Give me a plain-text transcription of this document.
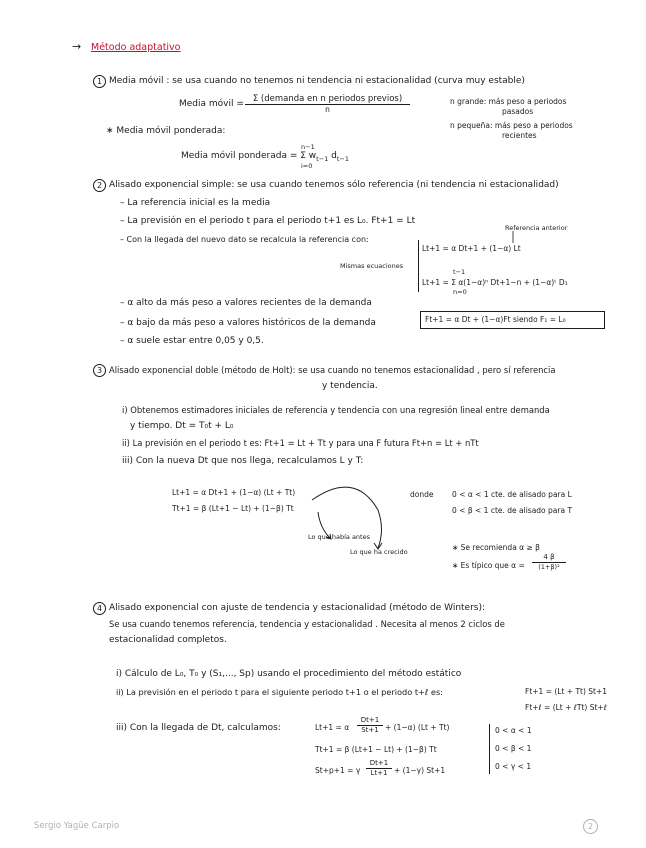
→ Método adaptativo
1 Media móvil : se usa cuando no tenemos ni tendencia ni estacionalidad (curva muy estable)
Media móvil =	Σ (demanda en n periodos previos)
n
n grande: más peso a periodos
pasados
n pequeña: más peso a periodos
recientes
∗ Media móvil ponderada:
n−1
Media móvil ponderada = Σ $w_{t-1}$ $d_{t-1}$
i=0
2 Alisado exponencial simple: se usa cuando tenemos sólo referencia (ni tendencia ni estacionalidad)
– La referencia inicial es la media
– La previsión en el periodo t para el periodo t+1 es L₀. Ft+1 = Lt
– Con la llegada del nuevo dato se recalcula la referencia con:
Referencia anterior
Lt+1 = α Dt+1 + (1−α) Lt
Mismas ecuaciones
t−1
Lt+1 = Σ α(1−α)ⁿ Dt+1−n + (1−α)ᵗ D₁
n=0
– α alto da más peso a valores recientes de la demanda
– α bajo da más peso a valores históricos de la demanda
– α suele estar entre 0,05 y 0,5.
Ft+1 = α Dt + (1−α)Ft siendo F₁ = L₀
3 Alisado exponencial doble (método de Holt): se usa cuando no tenemos estacionalidad , pero sí referencia
y tendencia.
i) Obtenemos estimadores iniciales de referencia y tendencia con una regresión lineal entre demanda
y tiempo. Dt = T₀t + L₀
ii) La previsión en el periodo t es: Ft+1 = Lt + Tt y para una F futura Ft+n = Lt + nTt
iii) Con la nueva Dt que nos llega, recalculamos L y T:
Lt+1 = α Dt+1 + (1−α) (Lt + Tt)
Tt+1 = β (Lt+1 − Lt) + (1−β) Tt
donde 0 < α < 1 cte. de alisado para L
0 < β < 1 cte. de alisado para T
Lo que había antes
Lo que ha crecido	∗ Se recomienda α ≥ β
∗ Es típico que $\alpha = \frac{4 \beta}{\text{(1+β)²}}$
4 Alisado exponencial con ajuste de tendencia y estacionalidad (método de Winters):
Se usa cuando tenemos referencia, tendencia y estacionalidad . Necesita al menos 2 ciclos de
estacionalidad completos.
i) Cálculo de L₀, T₀ y (S₁,..., Sp) usando el procedimiento del método estático
ii) La previsión en el periodo t para el siguiente periodo t+1 o el periodo t+ℓ es:	Ft+1 = (Lt + Tt) St+1
Ft+ℓ = (Lt + ℓTt) St+ℓ
iii) Con la llegada de Dt, calculamos:	Lt+1 = α $\frac{Dt+1}{St+1} + (1-\alpha) (Lt + Tt)$
Tt+1 = β (Lt+1 − Lt) + (1−β) Tt
St+p+1 = γ $\frac{Dt+1}{Lt+1} + (1-\gamma)$ St+1
0 < α < 1
0 < β < 1
0 < γ < 1
Sergio Yagüe Carpio	2
